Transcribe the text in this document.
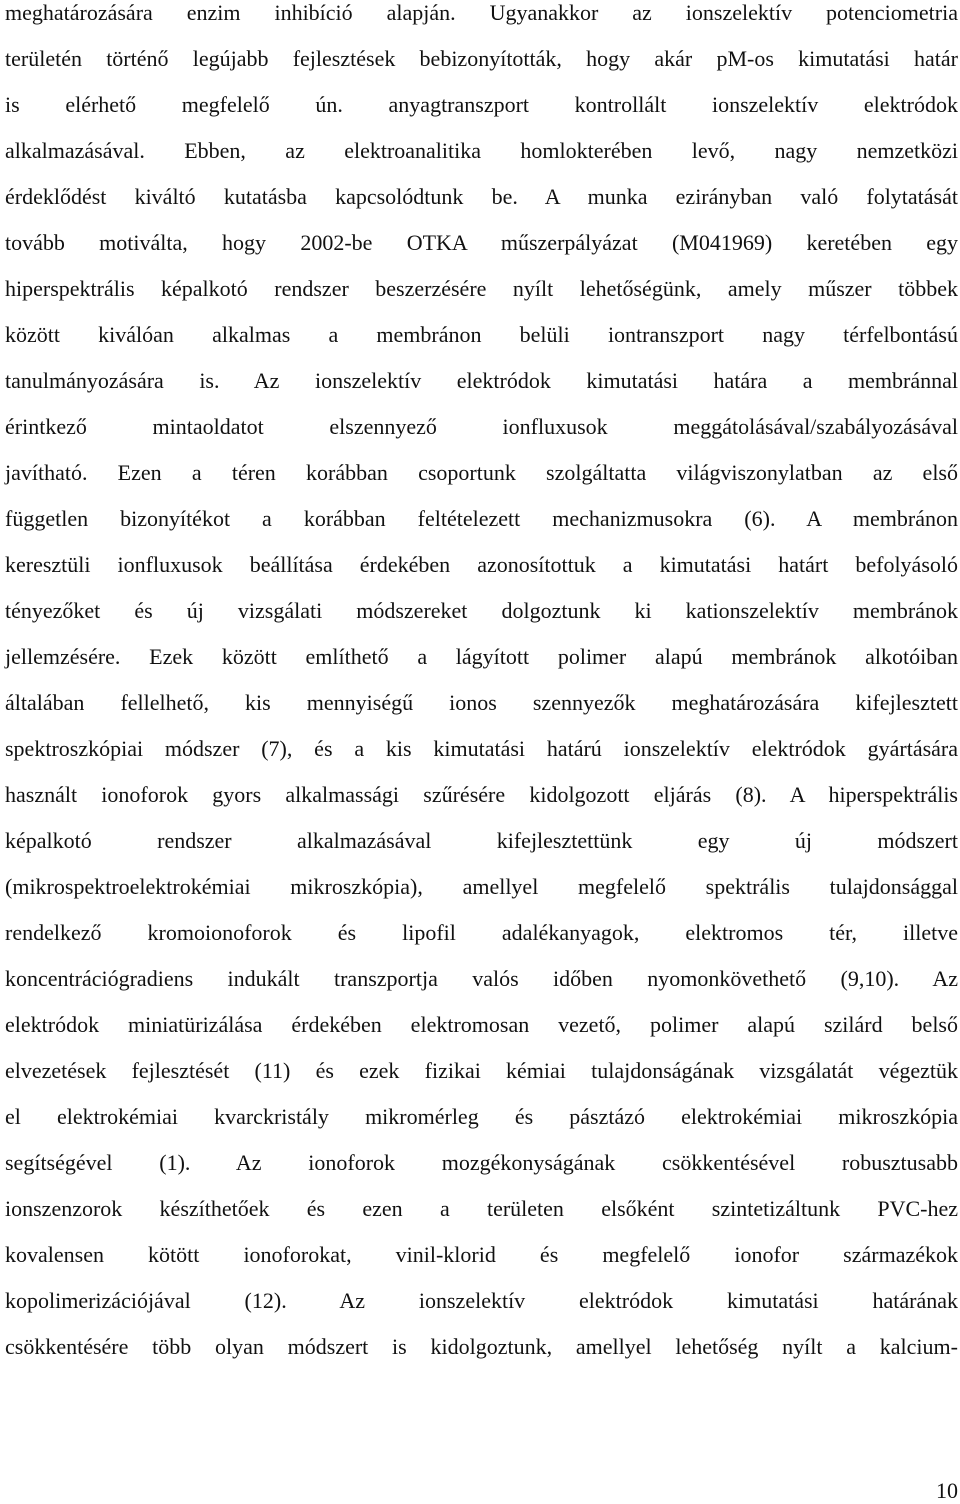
meghatározására enzim inhibíció alapján. Ugyanakkor az ionszelektív potenciometria
területén történő legújabb fejlesztések bebizonyították, hogy akár pM-os kimutatási határ
is elérhető megfelelő ún. anyagtranszport kontrollált ionszelektív elektródok
alkalmazásával. Ebben, az elektroanalitika homlokterében levő, nagy nemzetközi
érdeklődést kiváltó kutatásba kapcsolódtunk be. A munka ezirányban való folytatását
tovább motiválta, hogy 2002-be OTKA műszerpályázat (M041969) keretében egy
hiperspektrális képalkotó rendszer beszerzésére nyílt lehetőségünk, amely műszer többek
között kiválóan alkalmas a membránon belüli iontranszport nagy térfelbontású
tanulmányozására is. Az ionszelektív elektródok kimutatási határa a membránnal
érintkező mintaoldatot elszennyező ionfluxusok meggátolásával/szabályozásával
javítható. Ezen a téren korábban csoportunk szolgáltatta világviszonylatban az első
független bizonyítékot a korábban feltételezett mechanizmusokra (6). A membránon
keresztüli ionfluxusok beállítása érdekében azonosítottuk a kimutatási határt befolyásoló
tényezőket és új vizsgálati módszereket dolgoztunk ki kationszelektív membránok
jellemzésére. Ezek között említhető a lágyított polimer alapú membránok alkotóiban
általában fellelhető, kis mennyiségű ionos szennyezők meghatározására kifejlesztett
spektroszkópiai módszer (7), és a kis kimutatási határú ionszelektív elektródok gyártására
használt ionoforok gyors alkalmassági szűrésére kidolgozott eljárás (8). A hiperspektrális
képalkotó rendszer alkalmazásával kifejlesztettünk egy új módszert
(mikrospektroelektrokémiai mikroszkópia), amellyel megfelelő spektrális tulajdonsággal
rendelkező kromoionoforok és lipofil adalékanyagok, elektromos tér, illetve
koncentrációgradiens indukált transzportja valós időben nyomonkövethető (9,10). Az
elektródok miniatürizálása érdekében elektromosan vezető, polimer alapú szilárd belső
elvezetések fejlesztését (11) és ezek fizikai kémiai tulajdonságának vizsgálatát végeztük
el elektrokémiai kvarckristály mikromérleg és pásztázó elektrokémiai mikroszkópia
segítségével (1). Az ionoforok mozgékonyságának csökkentésével robusztusabb
ionszenzorok készíthetőek és ezen a területen elsőként szintetizáltunk PVC-hez
kovalensen kötött ionoforokat, vinil-klorid és megfelelő ionofor származékok
kopolimerizációjával (12). Az ionszelektív elektródok kimutatási határának
csökkentésére több olyan módszert is kidolgoztunk, amellyel lehetőség nyílt a kalcium-
10
